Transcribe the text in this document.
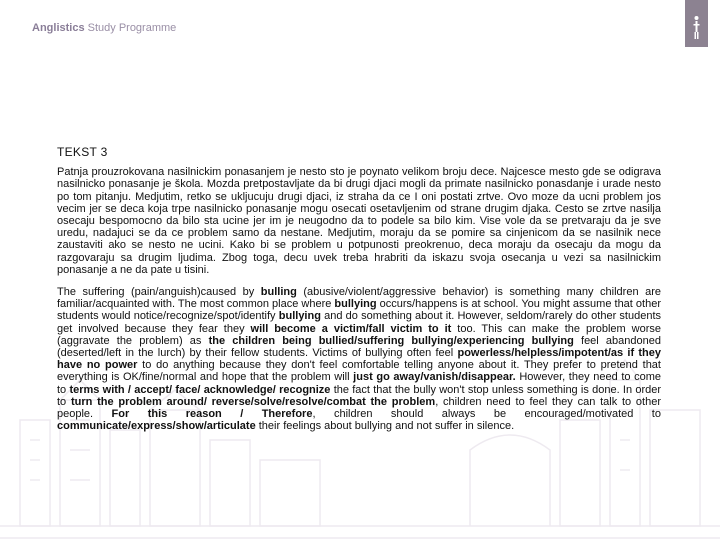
Anglistics Study Programme
TEKST 3

Patnja prouzrokovana nasilnickim ponasanjem je nesto sto je poynato velikom broju dece. Najcesce mesto gde se odigrava nasilnicko ponasanje je škola. Mozda pretpostavljate da bi drugi djaci mogli da primate nasilnicko ponasdanje i urade nesto po tom pitanju. Medjutim, retko se ukljucuju drugi djaci, iz straha da ce I oni postati zrtve. Ovo moze da ucni problem jos vecim jer se deca koja trpe nasilnicko ponasanje mogu osecati osetavljenim od strane drugim djaka. Cesto se zrtve nasilja osecaju bespomocno da bilo sta ucine jer im je neugodno da to podele sa bilo kim. Vise vole da se pretvaraju da je sve uredu, nadajuci se da ce problem samo da nestane. Medjutim, moraju da se pomire sa cinjenicom da se nasilnik nece zaustaviti ako se nesto ne ucini. Kako bi se problem u potpunosti preokrenuo, deca moraju da osecaju da mogu da razgovaraju sa drugim ljudima. Zbog toga, decu uvek treba hrabriti da iskazu svoja osecanja u vezi sa nasilnickim ponasanje a ne da pate u tisini.

The suffering (pain/anguish)caused by bulling (abusive/violent/aggressive behavior) is something many children are familiar/acquainted with. The most common place where bullying occurs/happens is at school. You might assume that other students would notice/recognize/spot/identify bullying and do something about it. However, seldom/rarely do other students get involved because they fear they will become a victim/fall victim to it too. This can make the problem worse (aggravate the problem) as the children being bullied/suffering bullying/experiencing bullying feel abandoned (deserted/left in the lurch) by their fellow students. Victims of bullying often feel powerless/helpless/impotent/as if they have no power to do anything because they don't feel comfortable telling anyone about it. They prefer to pretend that everything is OK/fine/normal and hope that the problem will just go away/vanish/disappear. However, they need to come to terms with / accept/ face/ acknowledge/ recognize the fact that the bully won't stop unless something is done. In order to turn the problem around/ reverse/solve/resolve/combat the problem, children need to feel they can talk to other people. For this reason / Therefore, children should always be encouraged/motivated to communicate/express/show/articulate their feelings about bullying and not suffer in silence.
